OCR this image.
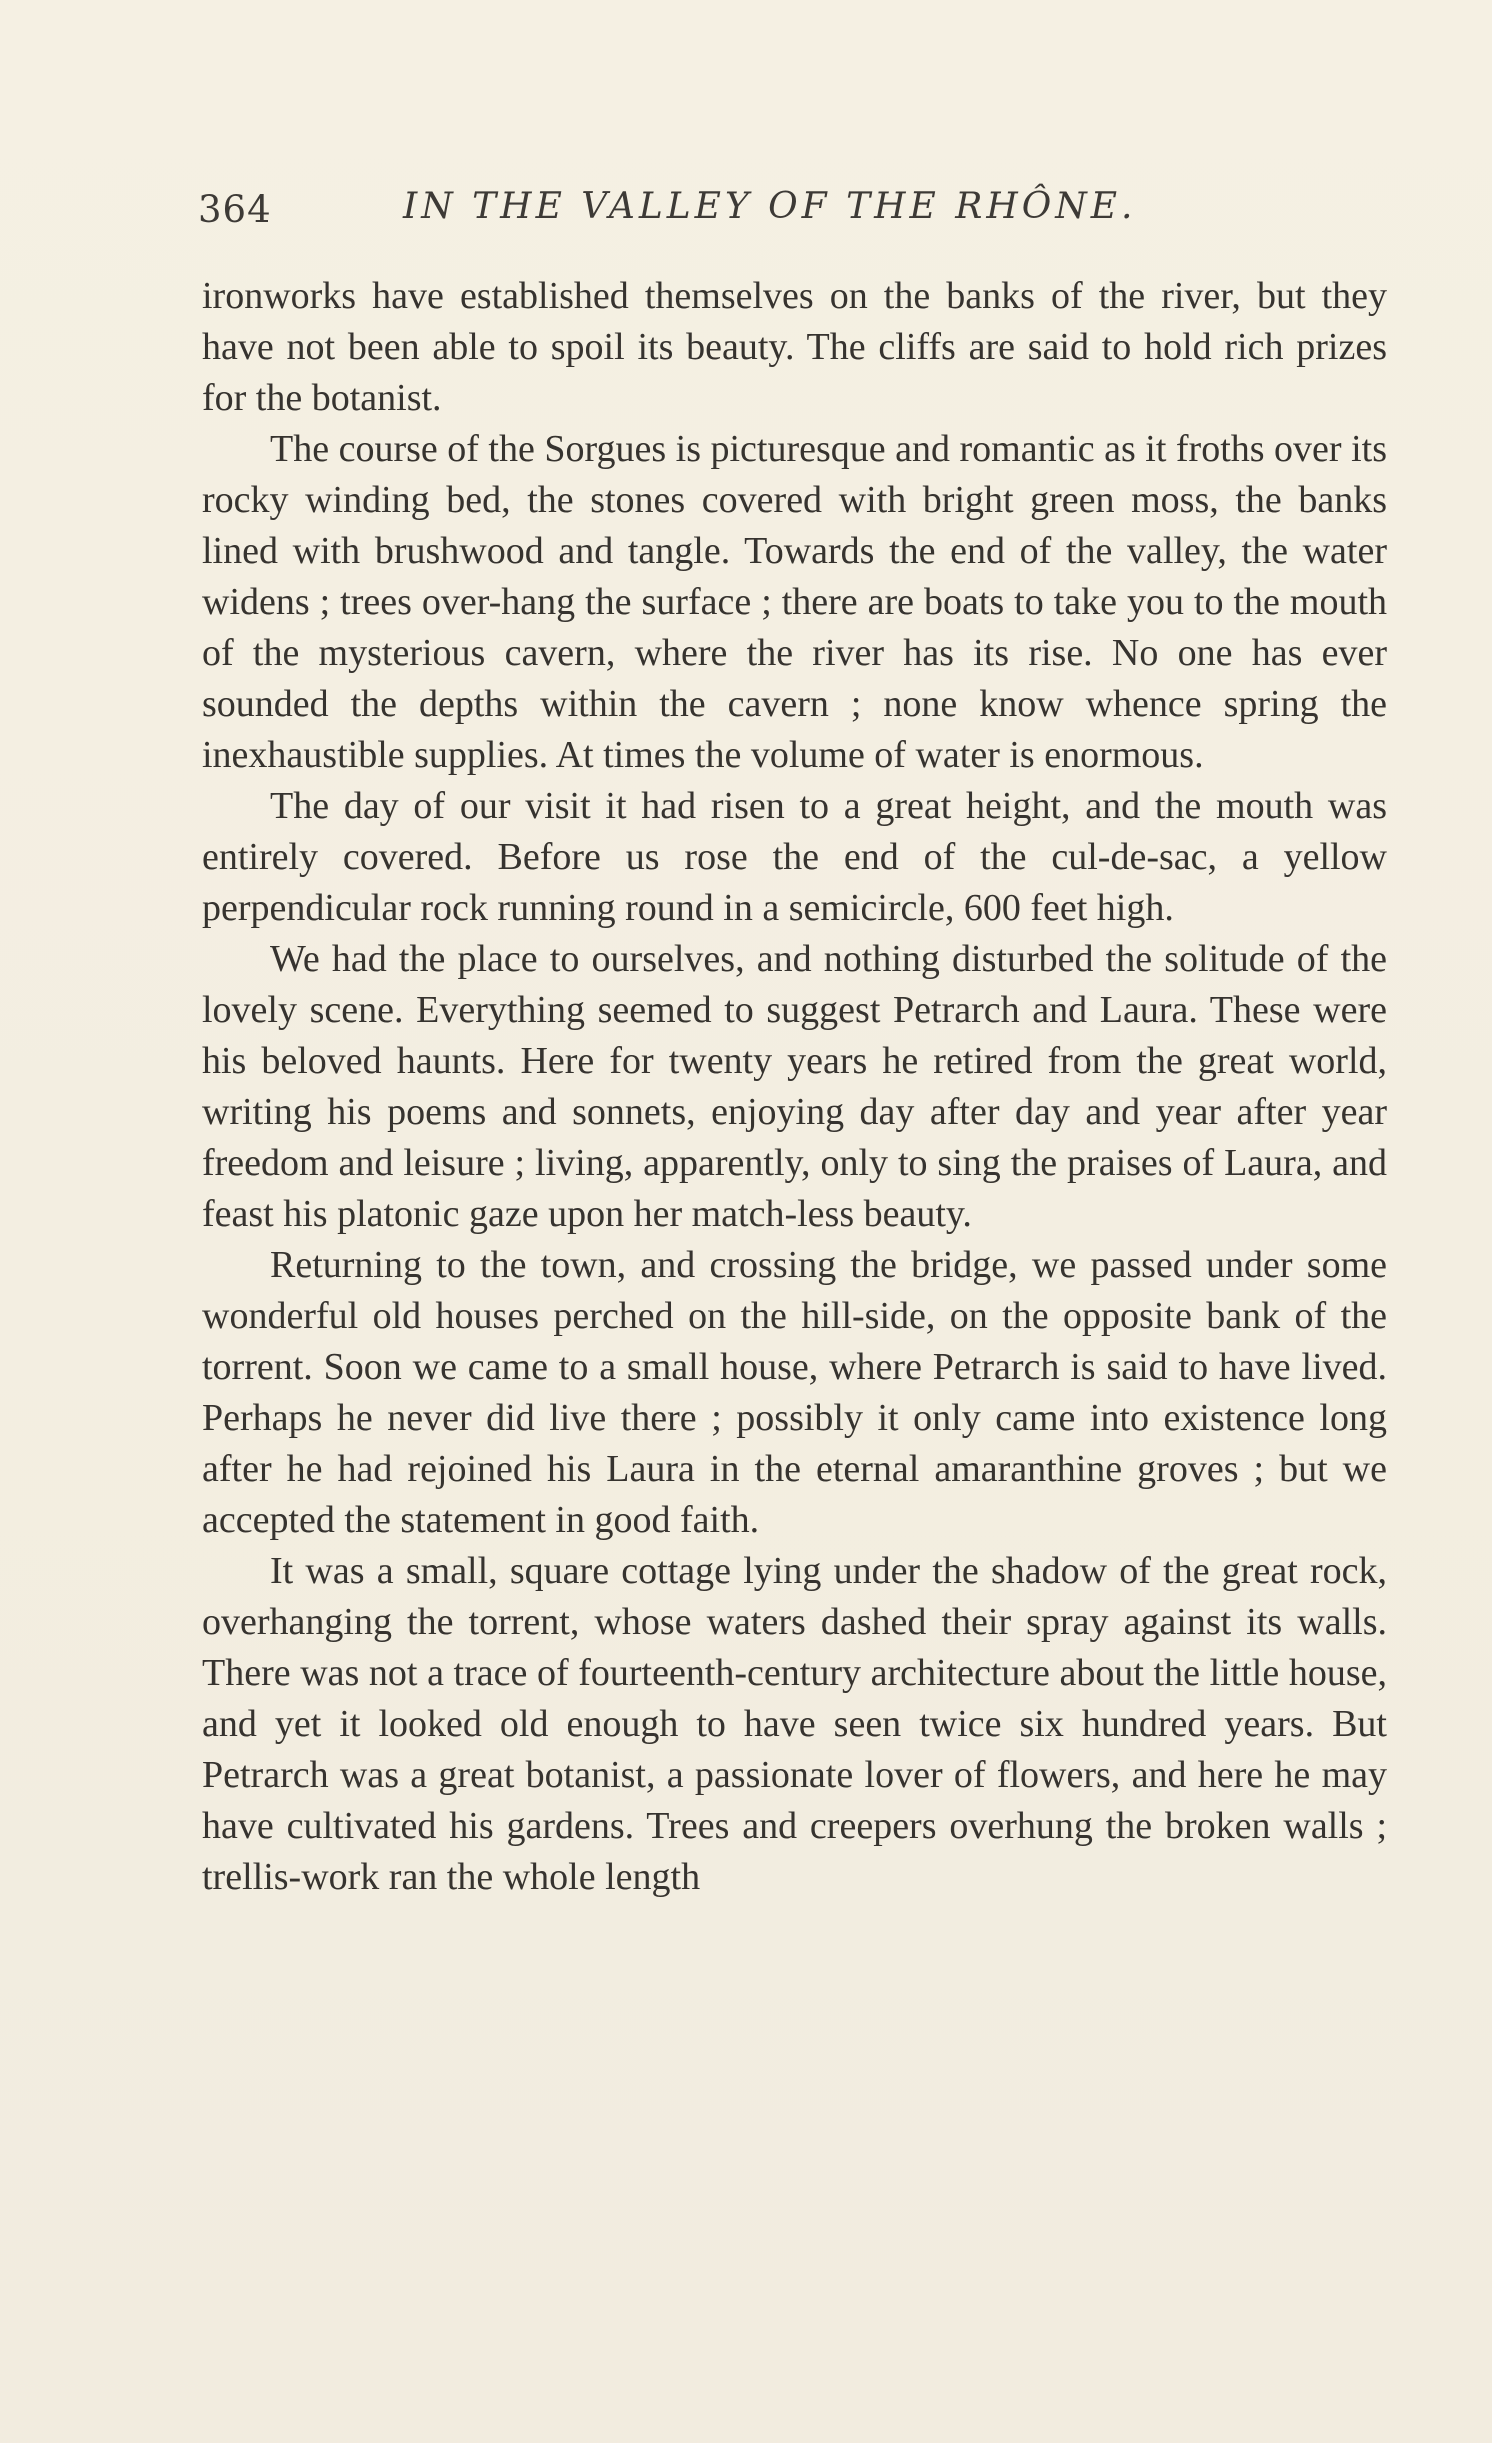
364	IN THE VALLEY OF THE RHÔNE.

ironworks have established themselves on the banks of the river, but they have not been able to spoil its beauty. The cliffs are said to hold rich prizes for the botanist.

The course of the Sorgues is picturesque and romantic as it froths over its rocky winding bed, the stones covered with bright green moss, the banks lined with brushwood and tangle. Towards the end of the valley, the water widens ; trees over-hang the surface ; there are boats to take you to the mouth of the mysterious cavern, where the river has its rise. No one has ever sounded the depths within the cavern ; none know whence spring the inexhaustible supplies. At times the volume of water is enormous.

The day of our visit it had risen to a great height, and the mouth was entirely covered. Before us rose the end of the cul-de-sac, a yellow perpendicular rock running round in a semicircle, 600 feet high.

We had the place to ourselves, and nothing disturbed the solitude of the lovely scene. Everything seemed to suggest Petrarch and Laura. These were his beloved haunts. Here for twenty years he retired from the great world, writing his poems and sonnets, enjoying day after day and year after year freedom and leisure ; living, apparently, only to sing the praises of Laura, and feast his platonic gaze upon her match-less beauty.

Returning to the town, and crossing the bridge, we passed under some wonderful old houses perched on the hill-side, on the opposite bank of the torrent. Soon we came to a small house, where Petrarch is said to have lived. Perhaps he never did live there ; possibly it only came into existence long after he had rejoined his Laura in the eternal amaranthine groves ; but we accepted the statement in good faith.

It was a small, square cottage lying under the shadow of the great rock, overhanging the torrent, whose waters dashed their spray against its walls. There was not a trace of fourteenth-century architecture about the little house, and yet it looked old enough to have seen twice six hundred years. But Petrarch was a great botanist, a passionate lover of flowers, and here he may have cultivated his gardens. Trees and creepers overhung the broken walls ; trellis-work ran the whole length
